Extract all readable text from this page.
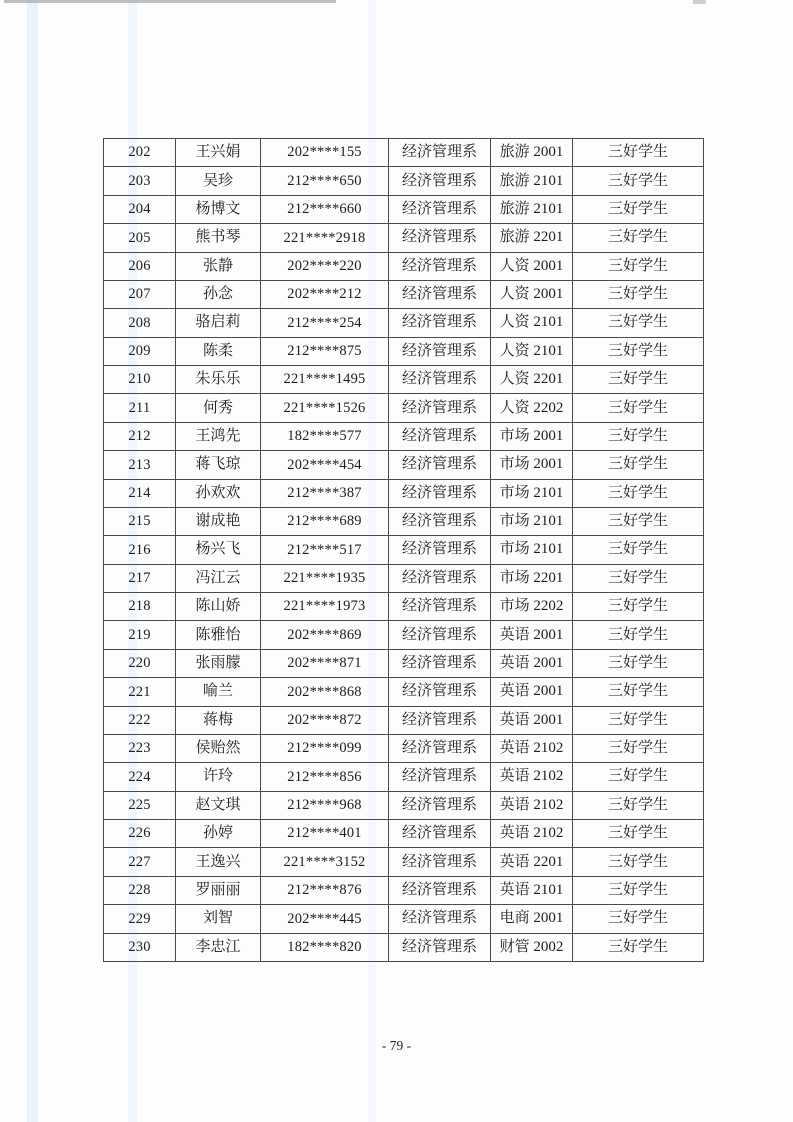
202	王兴娟	202****155	经济管理系	旅游 2001	三好学生
203	吴珍	212****650	经济管理系	旅游 2101	三好学生
204	杨博文	212****660	经济管理系	旅游 2101	三好学生
205	熊书琴	221****2918	经济管理系	旅游 2201	三好学生
206	张静	202****220	经济管理系	人资 2001	三好学生
207	孙念	202****212	经济管理系	人资 2001	三好学生
208	骆启莉	212****254	经济管理系	人资 2101	三好学生
209	陈柔	212****875	经济管理系	人资 2101	三好学生
210	朱乐乐	221****1495	经济管理系	人资 2201	三好学生
211	何秀	221****1526	经济管理系	人资 2202	三好学生
212	王鸿先	182****577	经济管理系	市场 2001	三好学生
213	蒋飞琼	202****454	经济管理系	市场 2001	三好学生
214	孙欢欢	212****387	经济管理系	市场 2101	三好学生
215	谢成艳	212****689	经济管理系	市场 2101	三好学生
216	杨兴飞	212****517	经济管理系	市场 2101	三好学生
217	冯江云	221****1935	经济管理系	市场 2201	三好学生
218	陈山娇	221****1973	经济管理系	市场 2202	三好学生
219	陈雅怡	202****869	经济管理系	英语 2001	三好学生
220	张雨朦	202****871	经济管理系	英语 2001	三好学生
221	喻兰	202****868	经济管理系	英语 2001	三好学生
222	蒋梅	202****872	经济管理系	英语 2001	三好学生
223	侯贻然	212****099	经济管理系	英语 2102	三好学生
224	许玲	212****856	经济管理系	英语 2102	三好学生
225	赵文琪	212****968	经济管理系	英语 2102	三好学生
226	孙婷	212****401	经济管理系	英语 2102	三好学生
227	王逸兴	221****3152	经济管理系	英语 2201	三好学生
228	罗丽丽	212****876	经济管理系	英语 2101	三好学生
229	刘智	202****445	经济管理系	电商 2001	三好学生
230	李忠江	182****820	经济管理系	财管 2002	三好学生
- 79 -
